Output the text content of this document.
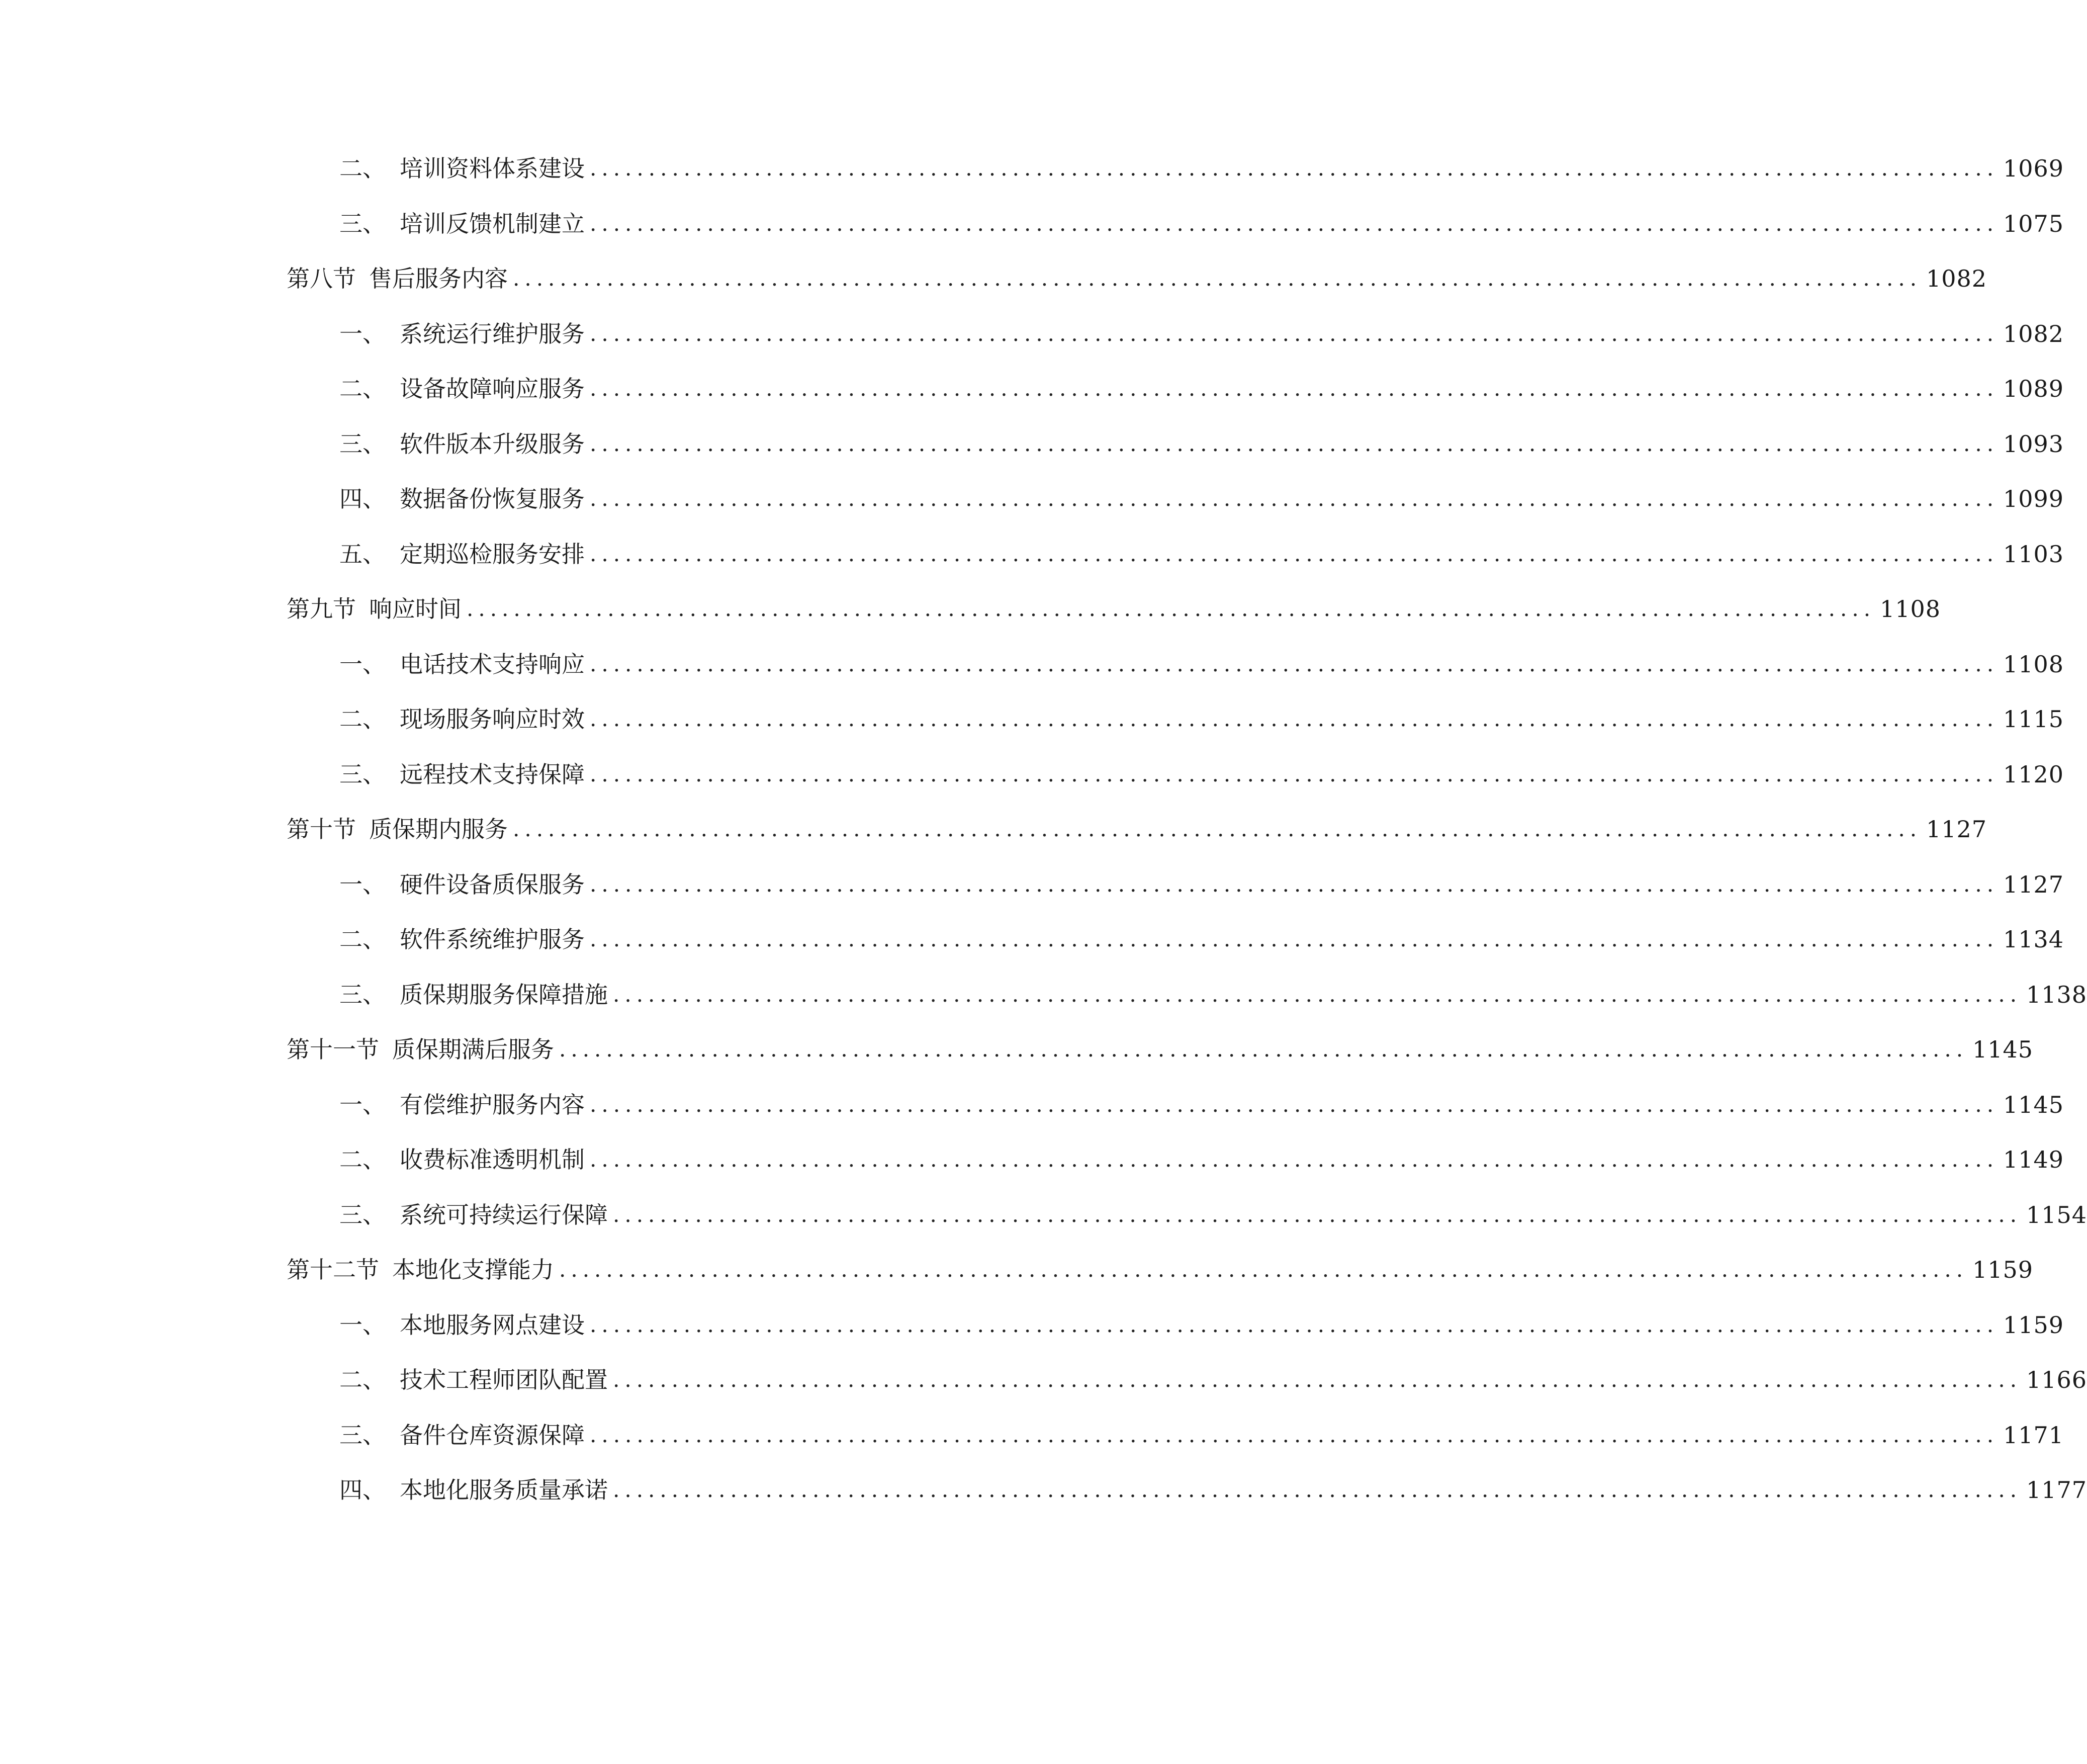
二、 培训资料体系建设 ........................................................................................................................ 1069
三、 培训反馈机制建立 ........................................................................................................................ 1075
第八节 售后服务内容 ........................................................................................................................ 1082
一、 系统运行维护服务 ........................................................................................................................ 1082
二、 设备故障响应服务 ........................................................................................................................ 1089
三、 软件版本升级服务 ........................................................................................................................ 1093
四、 数据备份恢复服务 ........................................................................................................................ 1099
五、 定期巡检服务安排 ........................................................................................................................ 1103
第九节 响应时间 ........................................................................................................................ 1108
一、 电话技术支持响应 ........................................................................................................................ 1108
二、 现场服务响应时效 ........................................................................................................................ 1115
三、 远程技术支持保障 ........................................................................................................................ 1120
第十节 质保期内服务 ........................................................................................................................ 1127
一、 硬件设备质保服务 ........................................................................................................................ 1127
二、 软件系统维护服务 ........................................................................................................................ 1134
三、 质保期服务保障措施 ........................................................................................................................ 1138
第十一节 质保期满后服务 ........................................................................................................................ 1145
一、 有偿维护服务内容 ........................................................................................................................ 1145
二、 收费标准透明机制 ........................................................................................................................ 1149
三、 系统可持续运行保障 ........................................................................................................................ 1154
第十二节 本地化支撑能力 ........................................................................................................................ 1159
一、 本地服务网点建设 ........................................................................................................................ 1159
二、 技术工程师团队配置 ........................................................................................................................ 1166
三、 备件仓库资源保障 ........................................................................................................................ 1171
四、 本地化服务质量承诺 ........................................................................................................................ 1177
